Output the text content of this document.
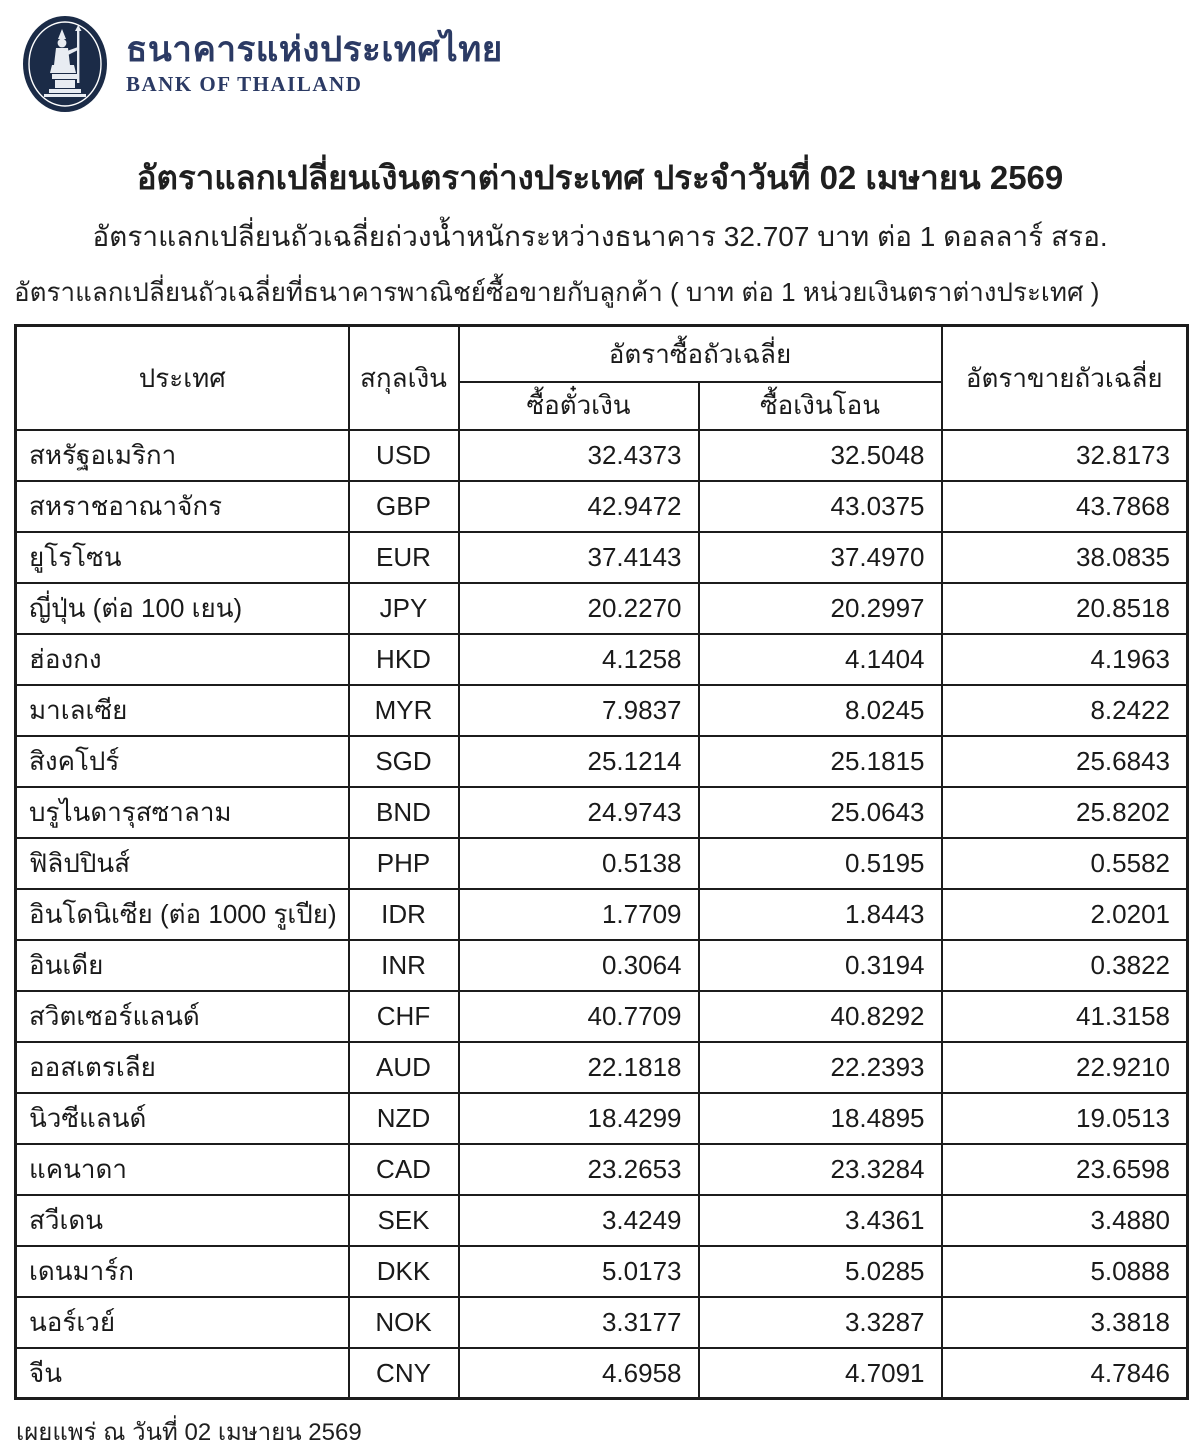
ธนาคารแห่งประเทศไทย
BANK OF THAILAND
อัตราแลกเปลี่ยนเงินตราต่างประเทศ ประจำวันที่ 02 เมษายน 2569
อัตราแลกเปลี่ยนถัวเฉลี่ยถ่วงน้ำหนักระหว่างธนาคาร 32.707 บาท ต่อ 1 ดอลลาร์ สรอ.
อัตราแลกเปลี่ยนถัวเฉลี่ยที่ธนาคารพาณิชย์ซื้อขายกับลูกค้า ( บาท ต่อ 1 หน่วยเงินตราต่างประเทศ )
ประเทศ	สกุลเงิน	อัตราซื้อถัวเฉลี่ย		อัตราขายถัวเฉลี่ย
		ซื้อตั๋วเงิน	ซื้อเงินโอน	
สหรัฐอเมริกา	USD	32.4373	32.5048	32.8173
สหราชอาณาจักร	GBP	42.9472	43.0375	43.7868
ยูโรโซน	EUR	37.4143	37.4970	38.0835
ญี่ปุ่น (ต่อ 100 เยน)	JPY	20.2270	20.2997	20.8518
ฮ่องกง	HKD	4.1258	4.1404	4.1963
มาเลเซีย	MYR	7.9837	8.0245	8.2422
สิงคโปร์	SGD	25.1214	25.1815	25.6843
บรูไนดารุสซาลาม	BND	24.9743	25.0643	25.8202
ฟิลิปปินส์	PHP	0.5138	0.5195	0.5582
อินโดนิเซีย (ต่อ 1000 รูเปีย)	IDR	1.7709	1.8443	2.0201
อินเดีย	INR	0.3064	0.3194	0.3822
สวิตเซอร์แลนด์	CHF	40.7709	40.8292	41.3158
ออสเตรเลีย	AUD	22.1818	22.2393	22.9210
นิวซีแลนด์	NZD	18.4299	18.4895	19.0513
แคนาดา	CAD	23.2653	23.3284	23.6598
สวีเดน	SEK	3.4249	3.4361	3.4880
เดนมาร์ก	DKK	5.0173	5.0285	5.0888
นอร์เวย์	NOK	3.3177	3.3287	3.3818
จีน	CNY	4.6958	4.7091	4.7846
เผยแพร่ ณ วันที่ 02 เมษายน 2569
